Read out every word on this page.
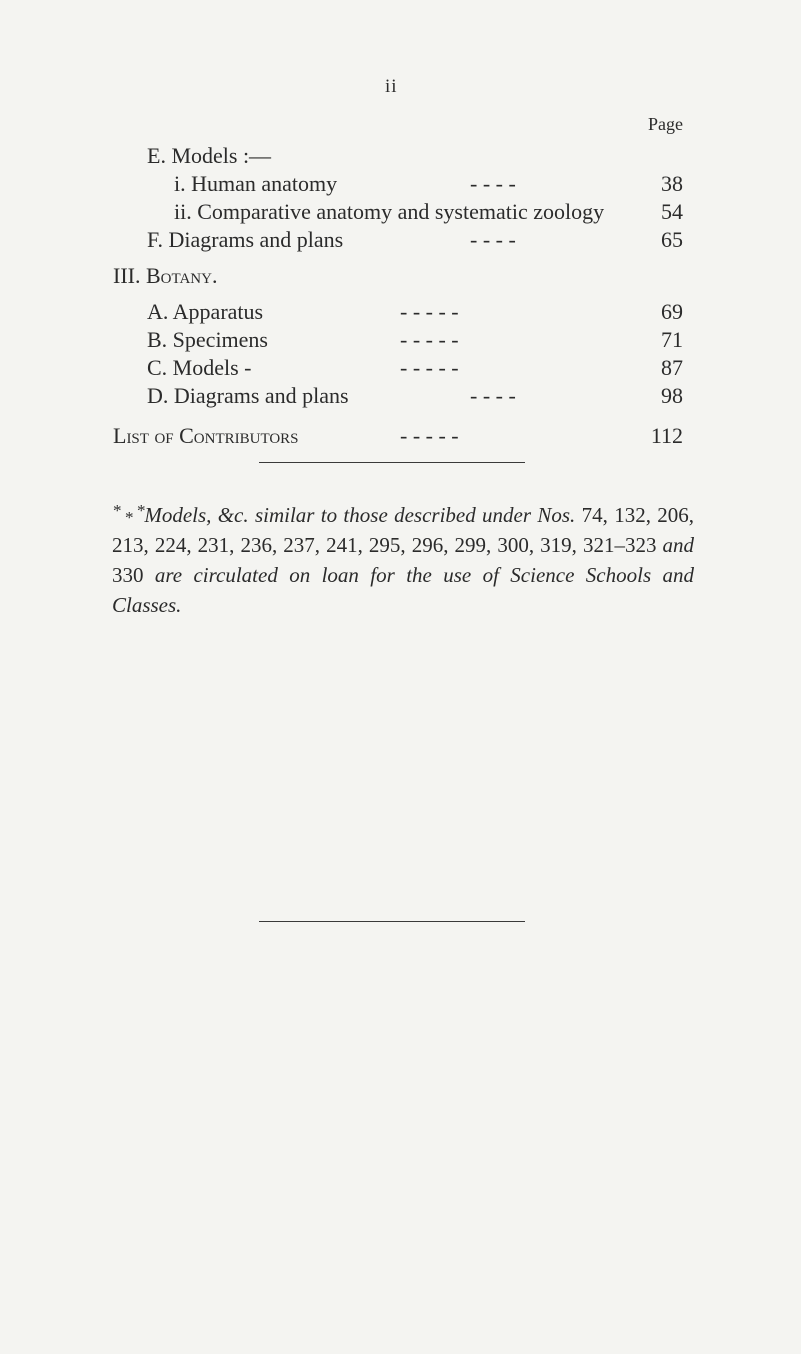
ii
Page
E. Models :—
i. Human anatomy	- - - -	38
ii. Comparative anatomy and systematic zoology	54
F. Diagrams and plans	- - - -	65
III. Botany.
A. Apparatus	- - - - -	69
B. Specimens	- - - - -	71
C. Models -	- - - - -	87
D. Diagrams and plans	- - - -	98
List of Contributors	- - - - -	112
* * *
Models, &c. similar to those described under Nos. 74, 132, 206, 213, 224, 231, 236, 237, 241, 295, 296, 299, 300, 319, 321–323 and 330 are circulated on loan for the use of Science Schools and Classes.
